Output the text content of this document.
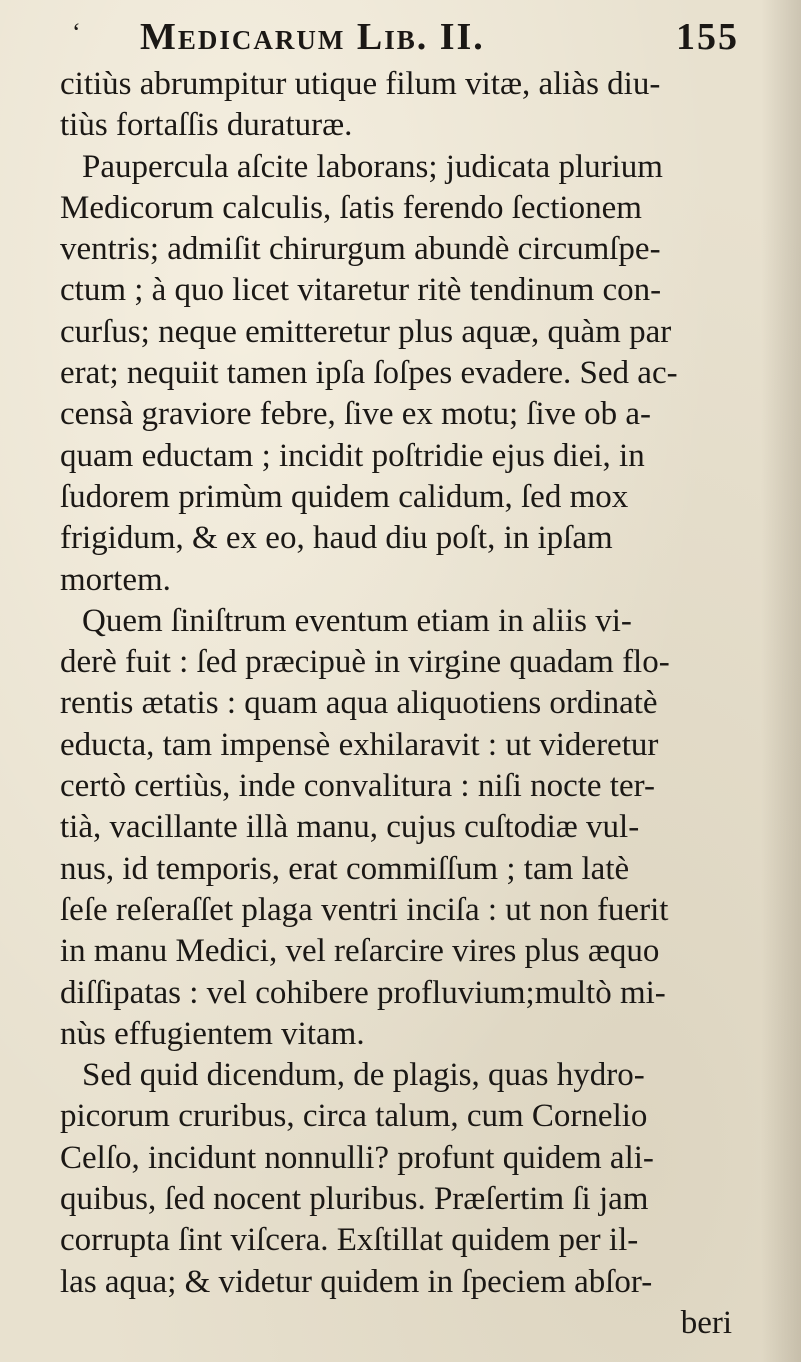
‘ Medicarum Lib. II.	155
citiùs abrumpitur utique filum vitæ, aliàs diu-
tiùs fortaſſis duraturæ.
Paupercula aſcite laborans; judicata plurium
Medicorum calculis, ſatis ferendo ſectionem
ventris; admiſit chirurgum abundè circumſpe-
ctum ; à quo licet vitaretur ritè tendinum con-
curſus; neque emitteretur plus aquæ, quàm par
erat; nequiit tamen ipſa ſoſpes evadere. Sed ac-
censà graviore febre, ſive ex motu; ſive ob a-
quam eductam ; incidit poſtridie ejus diei, in
ſudorem primùm quidem calidum, ſed mox
frigidum, & ex eo, haud diu poſt, in ipſam
mortem.
Quem ſiniſtrum eventum etiam in aliis vi-
derè fuit : ſed præcipuè in virgine quadam flo-
rentis ætatis : quam aqua aliquotiens ordinatè
educta, tam impensè exhilaravit : ut videretur
certò certiùs, inde convalitura : niſi nocte ter-
tià, vacillante illà manu, cujus cuſtodiæ vul-
nus, id temporis, erat commiſſum ; tam latè
ſeſe reſeraſſet plaga ventri inciſa : ut non fuerit
in manu Medici, vel reſarcire vires plus æquo
diſſipatas : vel cohibere profluvium;multò mi-
nùs effugientem vitam.
Sed quid dicendum, de plagis, quas hydro-
picorum cruribus, circa talum, cum Cornelio
Celſo, incidunt nonnulli? profunt quidem ali-
quibus, ſed nocent pluribus. Præſertim ſi jam
corrupta ſint viſcera. Exſtillat quidem per il-
las aqua; & videtur quidem in ſpeciem abſor-
beri
